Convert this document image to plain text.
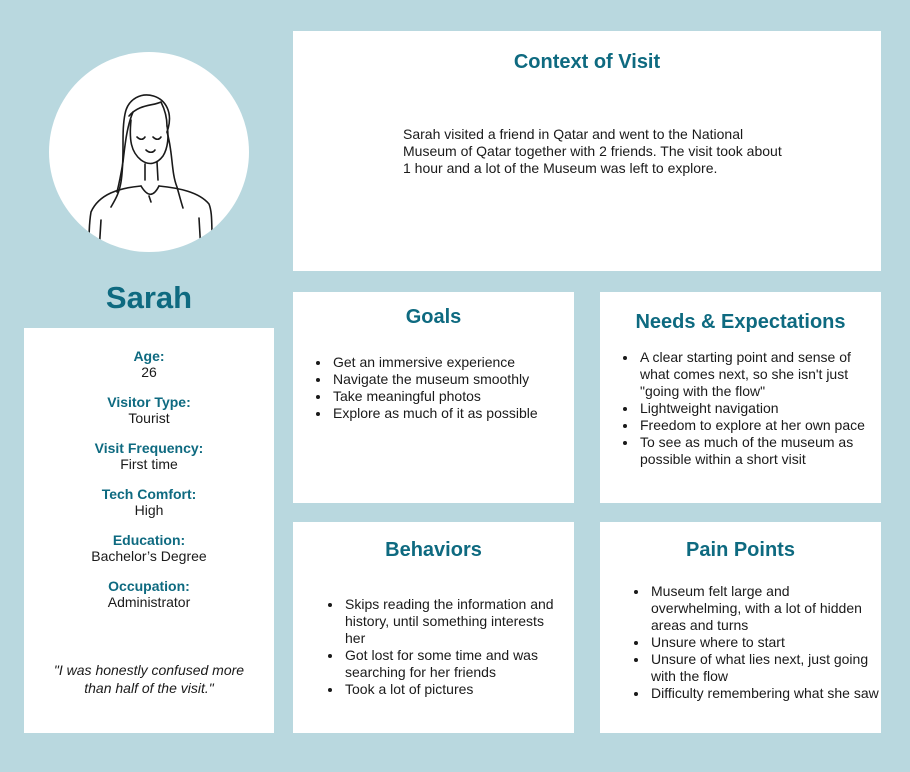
Sarah
Age:
26
Visitor Type:
Tourist
Visit Frequency:
First time
Tech Comfort:
High
Education:
Bachelor’s Degree
Occupation:
Administrator
"I was honestly confused more than half of the visit."
Context of Visit
Sarah visited a friend in Qatar and went to the National Museum of Qatar together with 2 friends. The visit took about 1 hour and a lot of the Museum was left to explore.
Goals
• Get an immersive experience
• Navigate the museum smoothly
• Take meaningful photos
• Explore as much of it as possible
Needs & Expectations
• A clear starting point and sense of what comes next, so she isn't just "going with the flow"
• Lightweight navigation
• Freedom to explore at her own pace
• To see as much of the museum as possible within a short visit
Behaviors
• Skips reading the information and history, until something interests her
• Got lost for some time and was searching for her friends
• Took a lot of pictures
Pain Points
• Museum felt large and overwhelming, with a lot of hidden areas and turns
• Unsure where to start
• Unsure of what lies next, just going with the flow
• Difficulty remembering what she saw
